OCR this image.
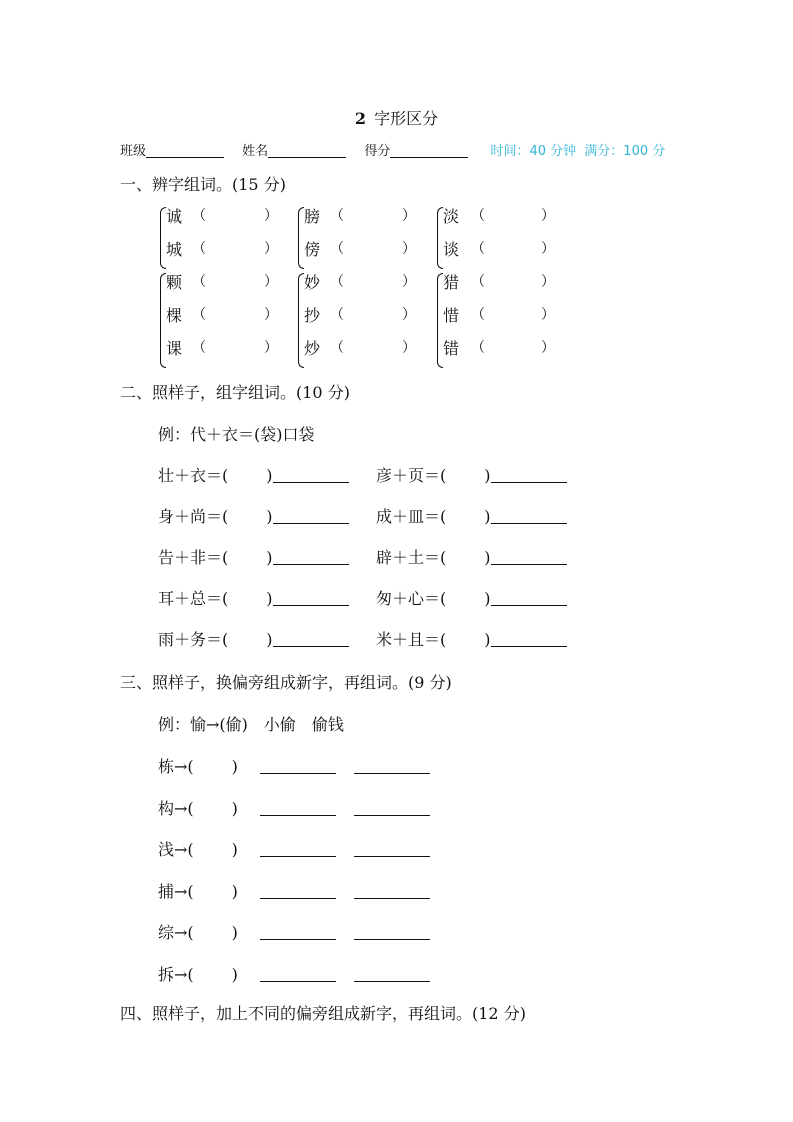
2 字形区分
班级	姓名	得分	时间：40 分钟 满分：100 分
一、辨字组词。(15 分)
诚 （	）
城 （	）
膀 （	）
傍 （	）
淡 （	）
谈 （	）
颗 （	）
棵 （	）
课 （	）
妙 （	）
抄 （	）
炒 （	）
猎 （	）
惜 （	）
错 （	）
二、照样子，组字组词。(10 分)
例：代＋衣＝(袋)口袋
壮＋衣＝( )	彦＋页＝( )
身＋尚＝( )	成＋皿＝( )
告＋非＝( )	辟＋土＝( )
耳＋总＝( )	匆＋心＝( )
雨＋务＝( )	米＋且＝( )
三、照样子，换偏旁组成新字，再组词。(9 分)
例：愉→(偷)　小偷　偷钱
栋→( )
构→( )
浅→( )
捕→( )
综→( )
拆→( )
四、照样子，加上不同的偏旁组成新字，再组词。(12 分)
